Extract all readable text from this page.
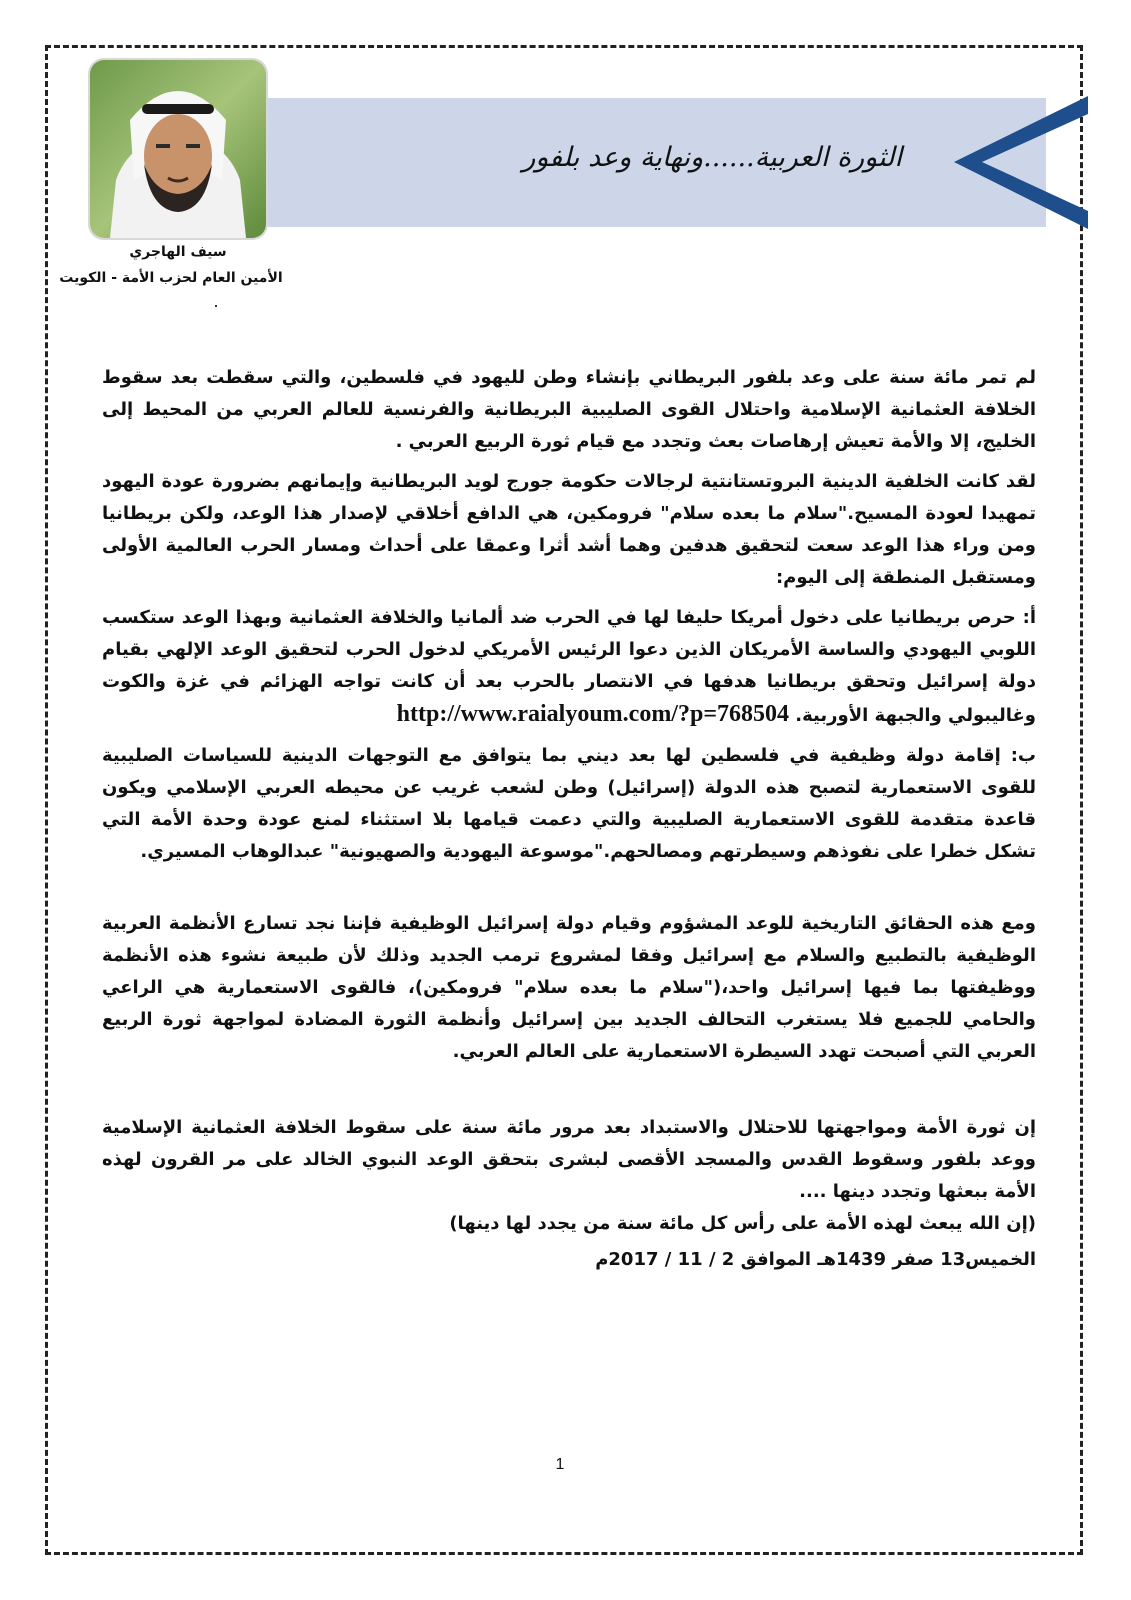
الثورة العربية......ونهاية وعد بلفور
سيف الهاجري
الأمين العام لحزب الأمة - الكويت

لم تمر مائة سنة على وعد بلفور البريطاني بإنشاء وطن لليهود في فلسطين، والتي سقطت بعد سقوط الخلافة العثمانية الإسلامية واحتلال القوى الصليبية البريطانية والفرنسية للعالم العربي من المحيط إلى الخليج، إلا والأمة تعيش إرهاصات بعث وتجدد مع قيام ثورة الربيع العربي .

لقد كانت الخلفية الدينية البروتستانتية لرجالات حكومة جورج لويد البريطانية وإيمانهم بضرورة عودة اليهود تمهيدا لعودة المسيح."سلام ما بعده سلام" فرومكين، هي الدافع أخلاقي لإصدار هذا الوعد، ولكن بريطانيا ومن وراء هذا الوعد سعت لتحقيق هدفين وهما أشد أثرا وعمقا على أحداث ومسار الحرب العالمية الأولى ومستقبل المنطقة إلى اليوم:

أ: حرص بريطانيا على دخول أمريكا حليفا لها في الحرب ضد ألمانيا والخلافة العثمانية وبهذا الوعد ستكسب اللوبي اليهودي والساسة الأمريكان الذين دعوا الرئيس الأمريكي لدخول الحرب لتحقيق الوعد الإلهي بقيام دولة إسرائيل وتحقق بريطانيا هدفها في الانتصار بالحرب بعد أن كانت تواجه الهزائم في غزة والكوت وغاليبولي والجبهة الأوربية. http://www.raialyoum.com/?p=768504

ب: إقامة دولة وظيفية في فلسطين لها بعد ديني بما يتوافق مع التوجهات الدينية للسياسات الصليبية للقوى الاستعمارية لتصبح هذه الدولة (إسرائيل) وطن لشعب غريب عن محيطه العربي الإسلامي ويكون قاعدة متقدمة للقوى الاستعمارية الصليبية والتي دعمت قيامها بلا استثناء لمنع عودة وحدة الأمة التي تشكل خطرا على نفوذهم وسيطرتهم ومصالحهم."موسوعة اليهودية والصهيونية" عبدالوهاب المسيري.

ومع هذه الحقائق التاريخية للوعد المشؤوم وقيام دولة إسرائيل الوظيفية فإننا نجد تسارع الأنظمة العربية الوظيفية بالتطبيع والسلام مع إسرائيل وفقا لمشروع ترمب الجديد وذلك لأن طبيعة نشوء هذه الأنظمة ووظيفتها بما فيها إسرائيل واحد،("سلام ما بعده سلام" فرومكين)، فالقوى الاستعمارية هي الراعي والحامي للجميع فلا يستغرب التحالف الجديد بين إسرائيل وأنظمة الثورة المضادة لمواجهة ثورة الربيع العربي التي أصبحت تهدد السيطرة الاستعمارية على العالم العربي.

إن ثورة الأمة ومواجهتها للاحتلال والاستبداد بعد مرور مائة سنة على سقوط الخلافة العثمانية الإسلامية ووعد بلفور وسقوط القدس والمسجد الأقصى لبشرى بتحقق الوعد النبوي الخالد على مر القرون لهذه الأمة ببعثها وتجدد دينها ....

(إن الله يبعث لهذه الأمة على رأس كل مائة سنة من يجدد لها دينها)

الخميس13 صفر 1439هـ الموافق 2 / 11 / 2017م

1
